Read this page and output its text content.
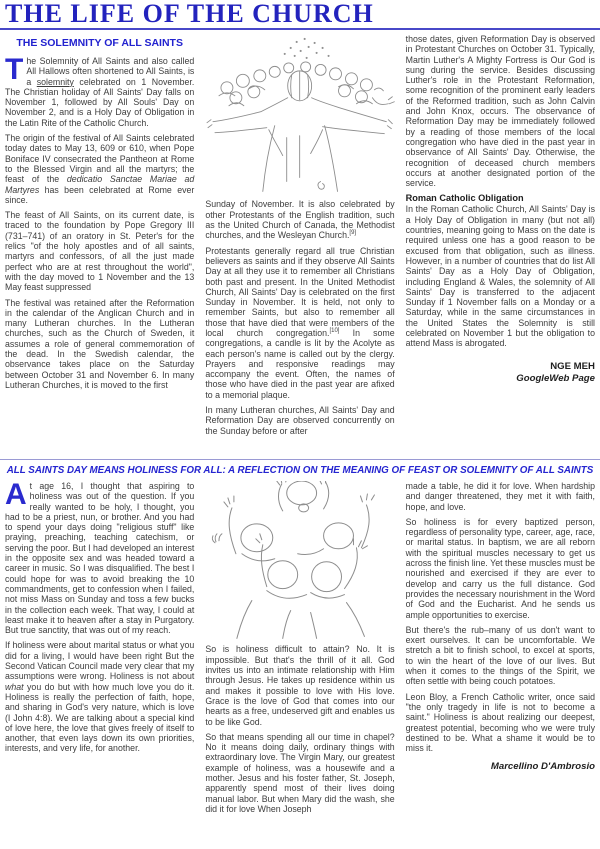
THE LIFE OF THE CHURCH
THE SOLEMNITY OF ALL SAINTS

The Solemnity of All Saints and also called All Hallows often shortened to All Saints, is a solemnity celebrated on 1 November. The Christian holiday of All Saints' Day falls on November 1, followed by All Souls' Day on November 2, and is a Holy Day of Obligation in the Latin Rite of the Catholic Church.

The origin of the festival of All Saints celebrated today dates to May 13, 609 or 610, when Pope Boniface IV consecrated the Pantheon at Rome to the Blessed Virgin and all the martyrs; the feast of the dedicatio Sanctae Mariae ad Martyres has been celebrated at Rome ever since.

The feast of All Saints, on its current date, is traced to the foundation by Pope Gregory III (731–741) of an oratory in St. Peter's for the relics "of the holy apostles and of all saints, martyrs and confessors, of all the just made perfect who are at rest throughout the world", with the day moved to 1 November and the 13 May feast suppressed

The festival was retained after the Reformation in the calendar of the Anglican Church and in many Lutheran churches. In the Lutheran churches, such as the Church of Sweden, it assumes a role of general commemoration of the dead. In the Swedish calendar, the observance takes place on the Saturday between October 31 and November 6. In many Lutheran Churches, it is moved to the first

Sunday of November. It is also celebrated by other Protestants of the English tradition, such as the United Church of Canada, the Methodist churches, and the Wesleyan Church.[9]

Protestants generally regard all true Christian believers as saints and if they observe All Saints Day at all they use it to remember all Christians both past and present. In the United Methodist Church, All Saints' Day is celebrated on the first Sunday in November. It is held, not only to remember Saints, but also to remember all those that have died that were members of the local church congregation.[10] In some congregations, a candle is lit by the Acolyte as each person's name is called out by the clergy. Prayers and responsive readings may accompany the event. Often, the names of those who have died in the past year are afixed to a memorial plaque.

In many Lutheran churches, All Saints' Day and Reformation Day are observed concurrently on the Sunday before or after

those dates, given Reformation Day is observed in Protestant Churches on October 31. Typically, Martin Luther's A Mighty Fortress is Our God is sung during the service. Besides discussing Luther's role in the Protestant Reformation, some recognition of the prominent early leaders of the Reformed tradition, such as John Calvin and John Knox, occurs. The observance of Reformation Day may be immediately followed by a reading of those members of the local congregation who have died in the past year in observance of All Saints' Day. Otherwise, the recognition of deceased church members occurs at another designated portion of the service.

Roman Catholic Obligation

In the Roman Catholic Church, All Saints' Day is a Holy Day of Obligation in many (but not all) countries, meaning going to Mass on the date is required unless one has a good reason to be excused from that obligation, such as illness. However, in a number of countries that do list All Saints' Day as a Holy Day of Obligation, including England & Wales, the solemnity of All Saints' Day is transferred to the adjacent Sunday if 1 November falls on a Monday or a Saturday, while in the same circumstances in the United States the Solemnity is still celebrated on November 1 but the obligation to attend Mass is abrogated.

NGE MEH
GoogleWeb Page
ALL SAINTS DAY MEANS HOLINESS FOR ALL: A REFLECTION ON THE MEANING OF FEAST OR SOLEMNITY OF ALL SAINTS

At age 16, I thought that aspiring to holiness was out of the question. If you really wanted to be holy, I thought, you had to be a priest, nun, or brother. And you had to spend your days doing "religious stuff" like praying, preaching, teaching catechism, or serving the poor. But I had developed an interest in the opposite sex and was headed toward a career in music. So I was disqualified. The best I could hope for was to avoid breaking the 10 commandments, get to confession when I failed, not miss Mass on Sunday and toss a few bucks in the collection each week. That way, I could at least make it to heaven after a stay in Purgatory. But true sanctity, that was out of my reach.

If holiness were about marital status or what you did for a living, I would have been right But the Second Vatican Council made very clear that my assumptions were wrong. Holiness is not about what you do but with how much love you do it. Holiness is really the perfection of faith, hope, and sharing in God's very nature, which is love (I John 4:8). We are talking about a special kind of love here, the love that gives freely of itself to another, that even lays down its own priorities, interests, and very life, for another.

So is holiness difficult to attain? No. It is impossible. But that's the thrill of it all. God invites us into an intimate relationship with Him through Jesus. He takes up residence within us and makes it possible to love with His love. Grace is the love of God that comes into our hearts as a free, undeserved gift and enables us to be like God.

So that means spending all our time in chapel? No it means doing daily, ordinary things with extraordinary love. The Virgin Mary, our greatest example of holiness, was a housewife and a mother. Jesus and his foster father, St. Joseph, apparently spend most of their lives doing manual labor. But when Mary did the wash, she did it for love When Joseph

made a table, he did it for love. When hardship and danger threatened, they met it with faith, hope, and love.

So holiness is for every baptized person, regardless of personality type, career, age, race, or marital status. In baptism, we are all reborn with the spiritual muscles necessary to get us across the finish line. Yet these muscles must be nourished and exercised if they are ever to develop and carry us the full distance. God provides the necessary nourishment in the Word of God and the Eucharist. And he sends us ample opportunities to exercise.

But there's the rub–many of us don't want to exert ourselves. It can be uncomfortable. We stretch a bit to finish school, to excel at sports, to win the heart of the love of our lives. But when it comes to the things of the Spirit, we often settle with being couch potatoes.

Leon Bloy, a French Catholic writer, once said "the only tragedy in life is not to become a saint." Holiness is about realizing our deepest, greatest potential, becoming who we were truly destined to be. What a shame it would be to miss it.

Marcellino D'Ambrosio
